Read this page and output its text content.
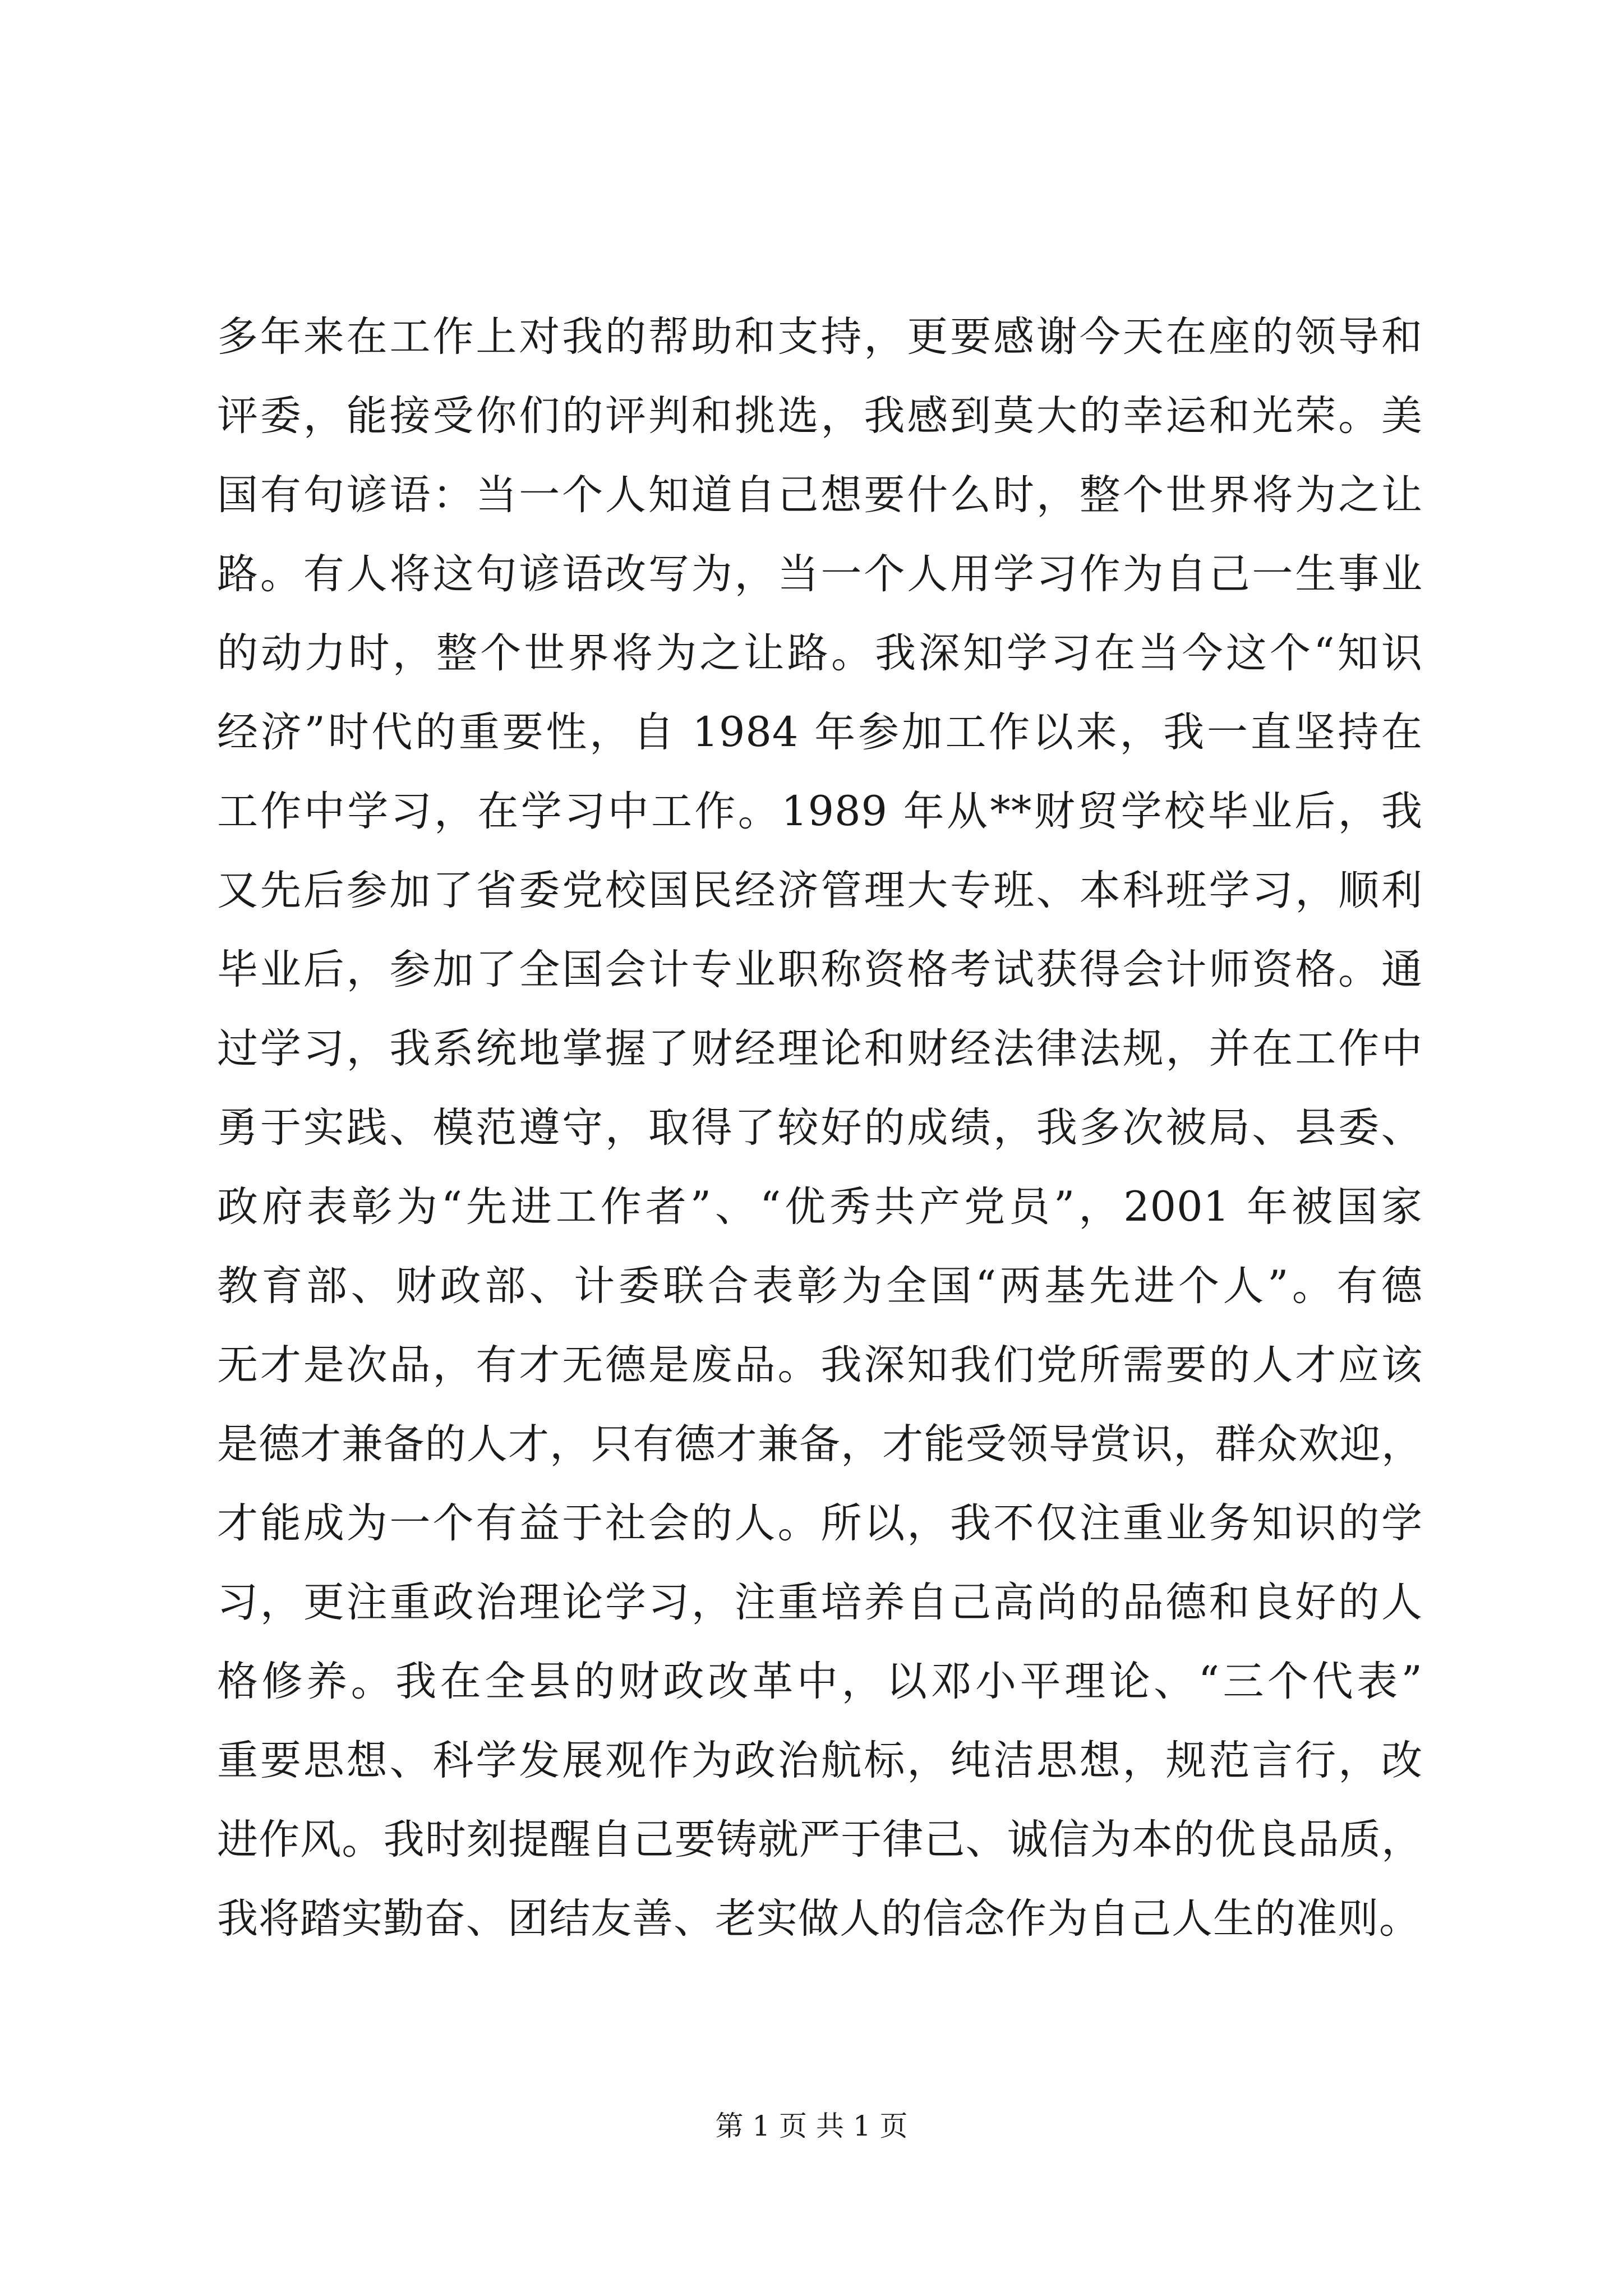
多年来在工作上对我的帮助和支持，更要感谢今天在座的领导和
评委，能接受你们的评判和挑选，我感到莫大的幸运和光荣。美
国有句谚语：当一个人知道自己想要什么时，整个世界将为之让
路。有人将这句谚语改写为，当一个人用学习作为自己一生事业
的动力时，整个世界将为之让路。我深知学习在当今这个“知识
经济”时代的重要性，自 1984 年参加工作以来，我一直坚持在
工作中学习，在学习中工作。1989 年从**财贸学校毕业后，我
又先后参加了省委党校国民经济管理大专班、本科班学习，顺利
毕业后，参加了全国会计专业职称资格考试获得会计师资格。通
过学习，我系统地掌握了财经理论和财经法律法规，并在工作中
勇于实践、模范遵守，取得了较好的成绩，我多次被局、县委、
政府表彰为“先进工作者”、“优秀共产党员”，2001 年被国家
教育部、财政部、计委联合表彰为全国“两基先进个人”。有德
无才是次品，有才无德是废品。我深知我们党所需要的人才应该
是德才兼备的人才，只有德才兼备，才能受领导赏识，群众欢迎，
才能成为一个有益于社会的人。所以，我不仅注重业务知识的学
习，更注重政治理论学习，注重培养自己高尚的品德和良好的人
格修养。我在全县的财政改革中，以邓小平理论、“三个代表”
重要思想、科学发展观作为政治航标，纯洁思想，规范言行，改
进作风。我时刻提醒自己要铸就严于律己、诚信为本的优良品质，
我将踏实勤奋、团结友善、老实做人的信念作为自己人生的准则。
第 1 页 共 1 页
